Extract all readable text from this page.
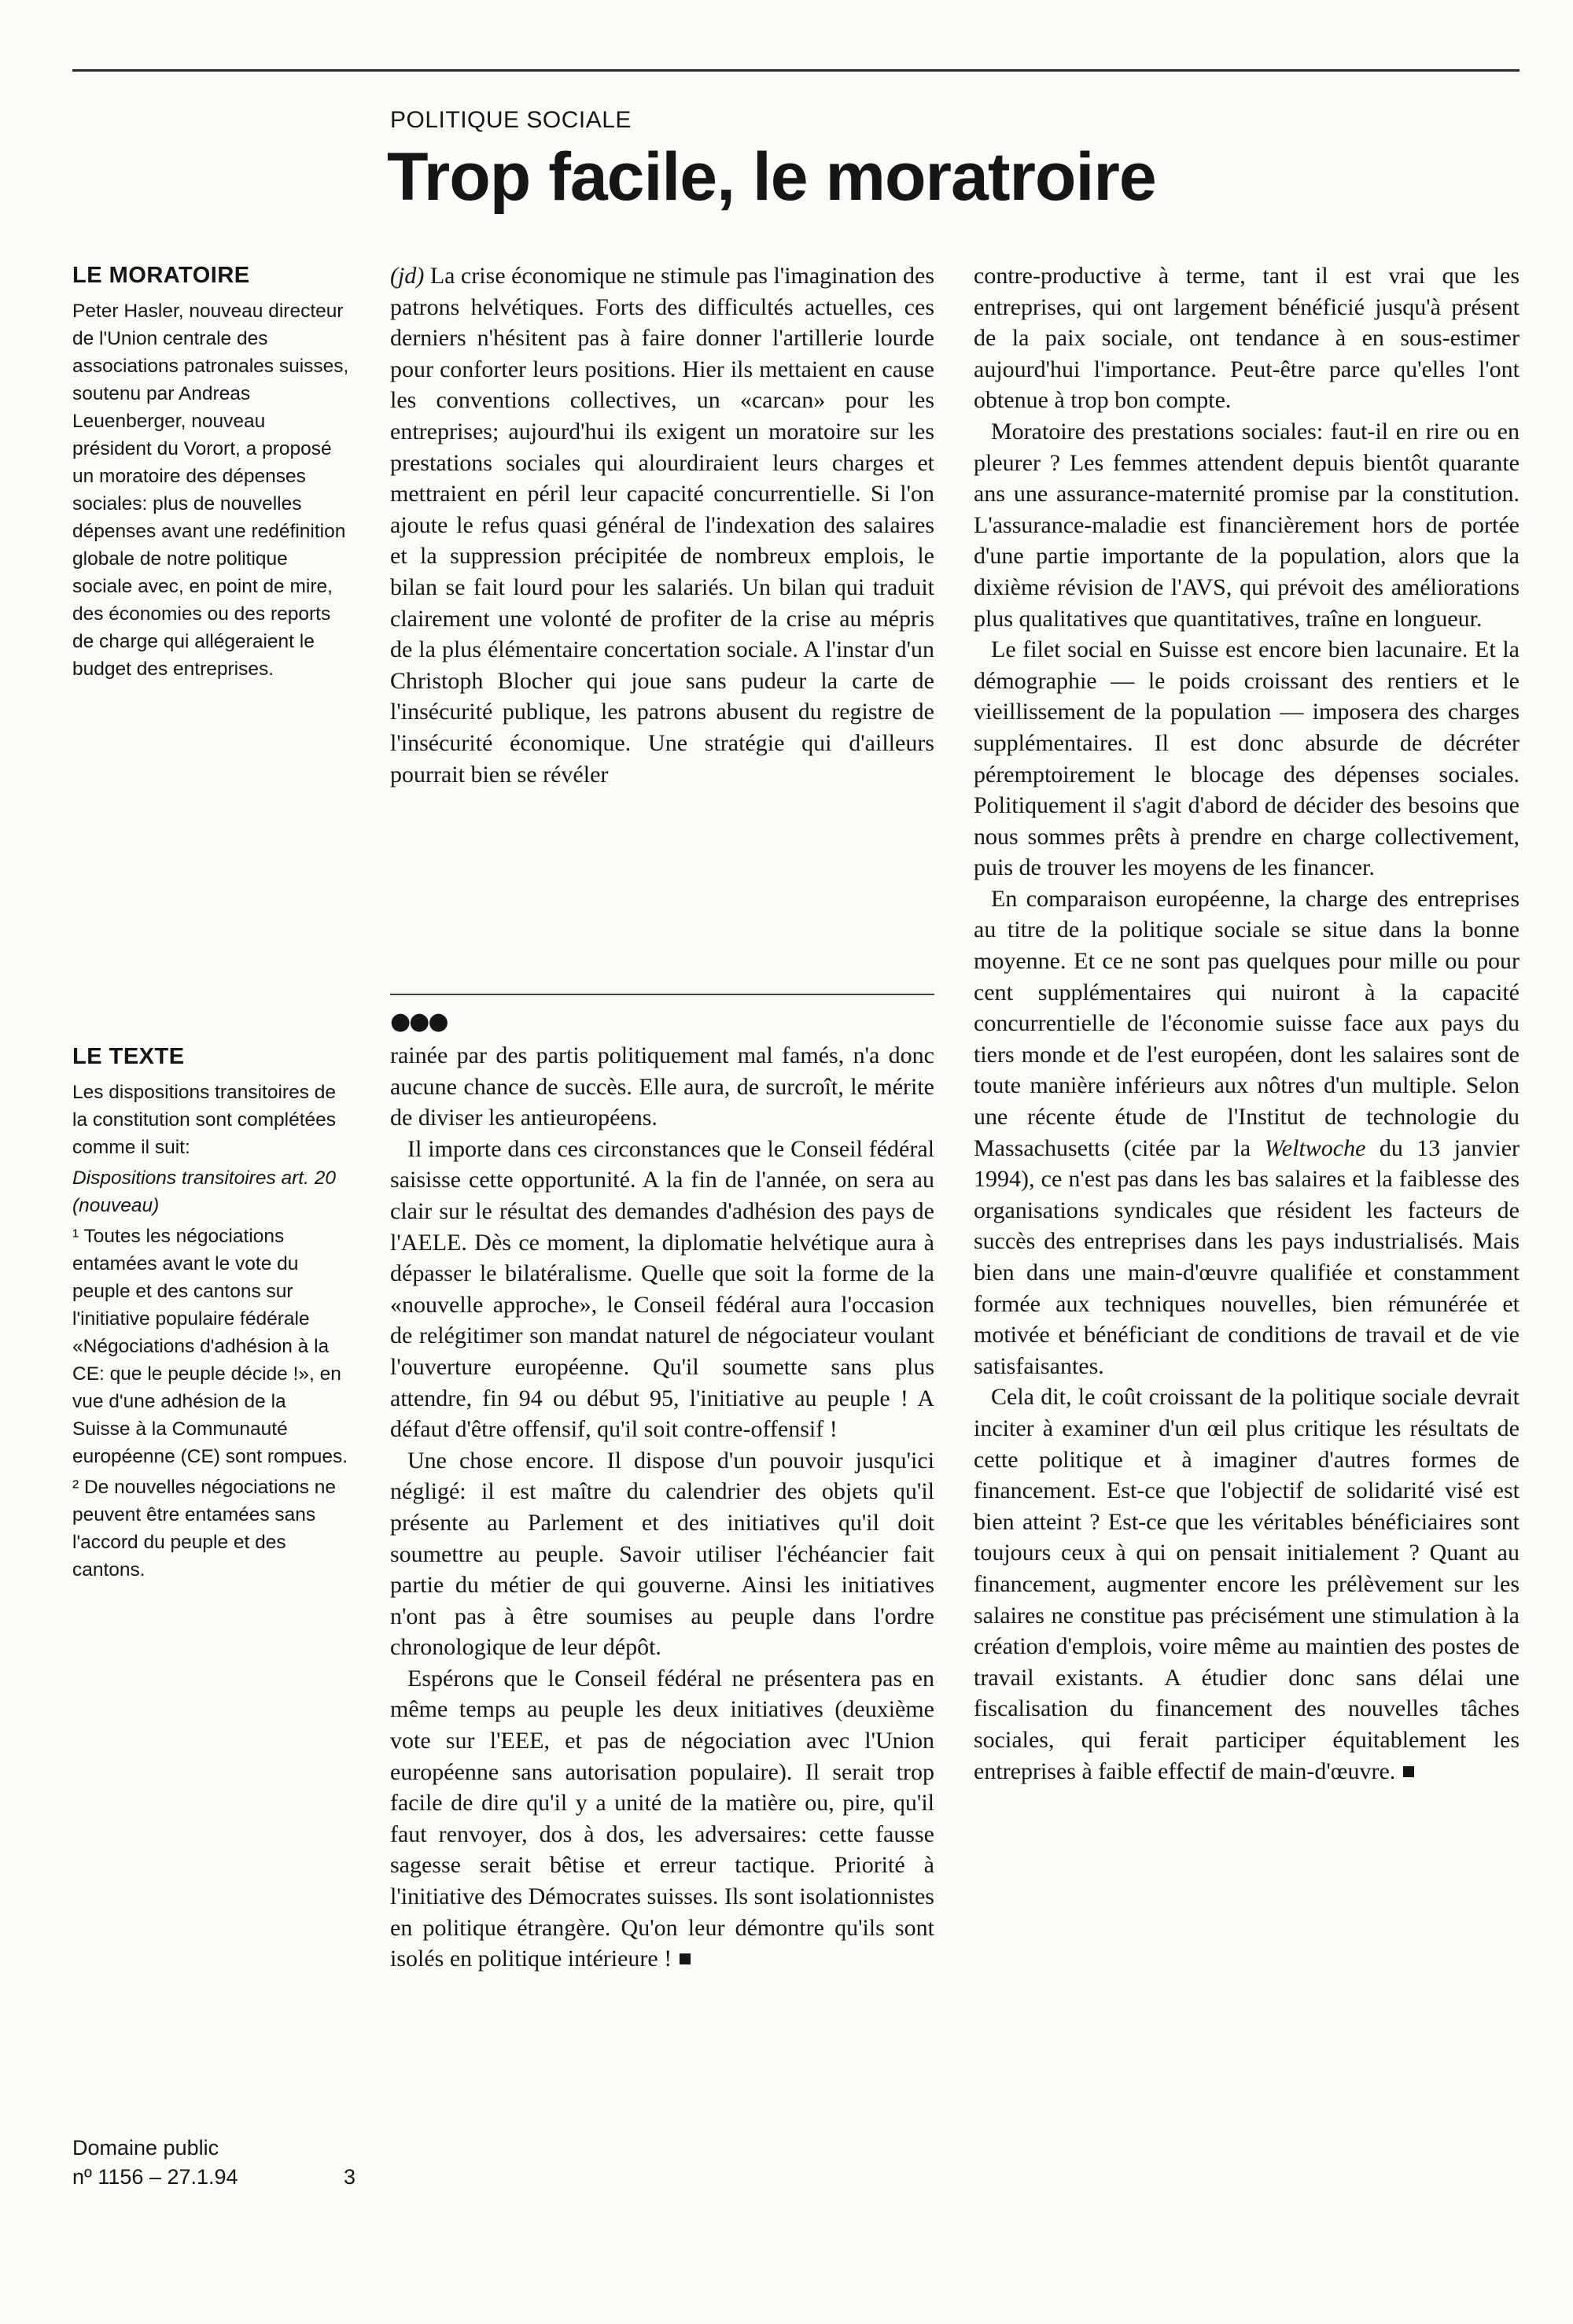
POLITIQUE SOCIALE
Trop facile, le moratroire
LE MORATOIRE

Peter Hasler, nouveau directeur de l'Union centrale des associations patronales suisses, soutenu par Andreas Leuenberger, nouveau président du Vorort, a proposé un moratoire des dépenses sociales: plus de nouvelles dépenses avant une redéfinition globale de notre politique sociale avec, en point de mire, des économies ou des reports de charge qui allégeraient le budget des entreprises.

LE TEXTE

Les dispositions transitoires de la constitution sont complétées comme il suit:

Dispositions transitoires art. 20 (nouveau)

¹ Toutes les négociations entamées avant le vote du peuple et des cantons sur l'initiative populaire fédérale «Négociations d'adhésion à la CE: que le peuple décide !», en vue d'une adhésion de la Suisse à la Communauté européenne (CE) sont rompues.

² De nouvelles négociations ne peuvent être entamées sans l'accord du peuple et des cantons.

Domaine public
nº 1156 – 27.1.94	3

(jd) La crise économique ne stimule pas l'imagination des patrons helvétiques. Forts des difficultés actuelles, ces derniers n'hésitent pas à faire donner l'artillerie lourde pour conforter leurs positions. Hier ils mettaient en cause les conventions collectives, un «carcan» pour les entreprises; aujourd'hui ils exigent un moratoire sur les prestations sociales qui alourdiraient leurs charges et mettraient en péril leur capacité concurrentielle. Si l'on ajoute le refus quasi général de l'indexation des salaires et la suppression précipitée de nombreux emplois, le bilan se fait lourd pour les salariés. Un bilan qui traduit clairement une volonté de profiter de la crise au mépris de la plus élémentaire concertation sociale. A l'instar d'un Christoph Blocher qui joue sans pudeur la carte de l'insécurité publique, les patrons abusent du registre de l'insécurité économique. Une stratégie qui d'ailleurs pourrait bien se révéler

●●●

rainée par des partis politiquement mal famés, n'a donc aucune chance de succès. Elle aura, de surcroît, le mérite de diviser les antieuropéens.

Il importe dans ces circonstances que le Conseil fédéral saisisse cette opportunité. A la fin de l'année, on sera au clair sur le résultat des demandes d'adhésion des pays de l'AELE. Dès ce moment, la diplomatie helvétique aura à dépasser le bilatéralisme. Quelle que soit la forme de la «nouvelle approche», le Conseil fédéral aura l'occasion de relégitimer son mandat naturel de négociateur voulant l'ouverture européenne. Qu'il soumette sans plus attendre, fin 94 ou début 95, l'initiative au peuple ! A défaut d'être offensif, qu'il soit contre-offensif !

Une chose encore. Il dispose d'un pouvoir jusqu'ici négligé: il est maître du calendrier des objets qu'il présente au Parlement et des initiatives qu'il doit soumettre au peuple. Savoir utiliser l'échéancier fait partie du métier de qui gouverne. Ainsi les initiatives n'ont pas à être soumises au peuple dans l'ordre chronologique de leur dépôt.

Espérons que le Conseil fédéral ne présentera pas en même temps au peuple les deux initiatives (deuxième vote sur l'EEE, et pas de négociation avec l'Union européenne sans autorisation populaire). Il serait trop facile de dire qu'il y a unité de la matière ou, pire, qu'il faut renvoyer, dos à dos, les adversaires: cette fausse sagesse serait bêtise et erreur tactique. Priorité à l'initiative des Démocrates suisses. Ils sont isolationnistes en politique étrangère. Qu'on leur démontre qu'ils sont isolés en politique intérieure !

contre-productive à terme, tant il est vrai que les entreprises, qui ont largement bénéficié jusqu'à présent de la paix sociale, ont tendance à en sous-estimer aujourd'hui l'importance. Peut-être parce qu'elles l'ont obtenue à trop bon compte.

Moratoire des prestations sociales: faut-il en rire ou en pleurer ? Les femmes attendent depuis bientôt quarante ans une assurance-maternité promise par la constitution. L'assurance-maladie est financièrement hors de portée d'une partie importante de la population, alors que la dixième révision de l'AVS, qui prévoit des améliorations plus qualitatives que quantitatives, traîne en longueur.

Le filet social en Suisse est encore bien lacunaire. Et la démographie — le poids croissant des rentiers et le vieillissement de la population — imposera des charges supplémentaires. Il est donc absurde de décréter péremptoirement le blocage des dépenses sociales. Politiquement il s'agit d'abord de décider des besoins que nous sommes prêts à prendre en charge collectivement, puis de trouver les moyens de les financer.

En comparaison européenne, la charge des entreprises au titre de la politique sociale se situe dans la bonne moyenne. Et ce ne sont pas quelques pour mille ou pour cent supplémentaires qui nuiront à la capacité concurrentielle de l'économie suisse face aux pays du tiers monde et de l'est européen, dont les salaires sont de toute manière inférieurs aux nôtres d'un multiple. Selon une récente étude de l'Institut de technologie du Massachusetts (citée par la Weltwoche du 13 janvier 1994), ce n'est pas dans les bas salaires et la faiblesse des organisations syndicales que résident les facteurs de succès des entreprises dans les pays industrialisés. Mais bien dans une main-d'œuvre qualifiée et constamment formée aux techniques nouvelles, bien rémunérée et motivée et bénéficiant de conditions de travail et de vie satisfaisantes.

Cela dit, le coût croissant de la politique sociale devrait inciter à examiner d'un œil plus critique les résultats de cette politique et à imaginer d'autres formes de financement. Est-ce que l'objectif de solidarité visé est bien atteint ? Est-ce que les véritables bénéficiaires sont toujours ceux à qui on pensait initialement ? Quant au financement, augmenter encore les prélèvement sur les salaires ne constitue pas précisément une stimulation à la création d'emplois, voire même au maintien des postes de travail existants. A étudier donc sans délai une fiscalisation du financement des nouvelles tâches sociales, qui ferait participer équitablement les entreprises à faible effectif de main-d'œuvre.
